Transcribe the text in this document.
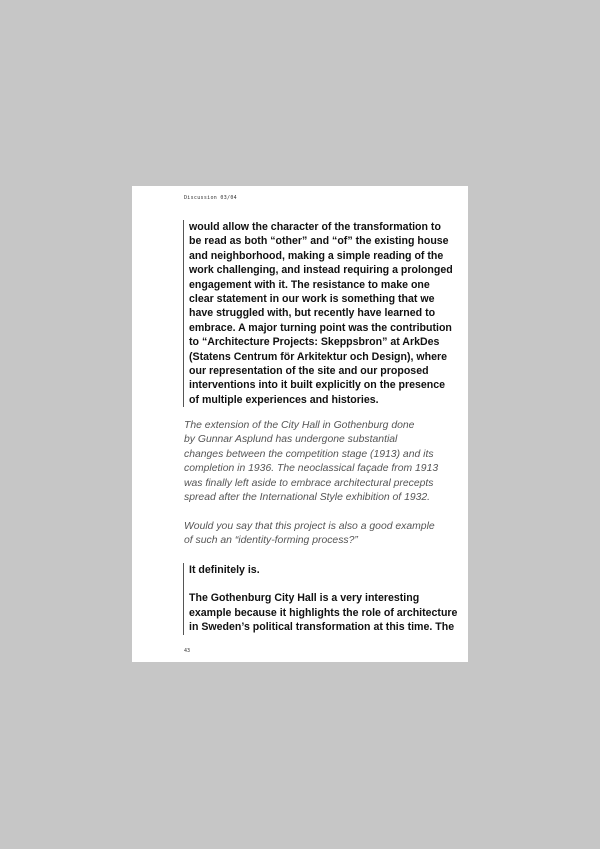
Discussion 03/04

would allow the character of the transformation to
be read as both “other” and “of” the existing house
and neighborhood, making a simple reading of the
work challenging, and instead requiring a prolonged
engagement with it. The resistance to make one
clear statement in our work is something that we
have struggled with, but recently have learned to
embrace. A major turning point was the contribution
to “Architecture Projects: Skeppsbron” at ArkDes
(Statens Centrum för Arkitektur och Design), where
our representation of the site and our proposed
interventions into it built explicitly on the presence
of multiple experiences and histories.

The extension of the City Hall in Gothenburg done
by Gunnar Asplund has undergone substantial
changes between the competition stage (1913) and its
completion in 1936. The neoclassical façade from 1913
was finally left aside to embrace architectural precepts
spread after the International Style exhibition of 1932.
Would you say that this project is also a good example
of such an “identity-forming process?”

It definitely is.

The Gothenburg City Hall is a very interesting
example because it highlights the role of architecture
in Sweden’s political transformation at this time. The

43
